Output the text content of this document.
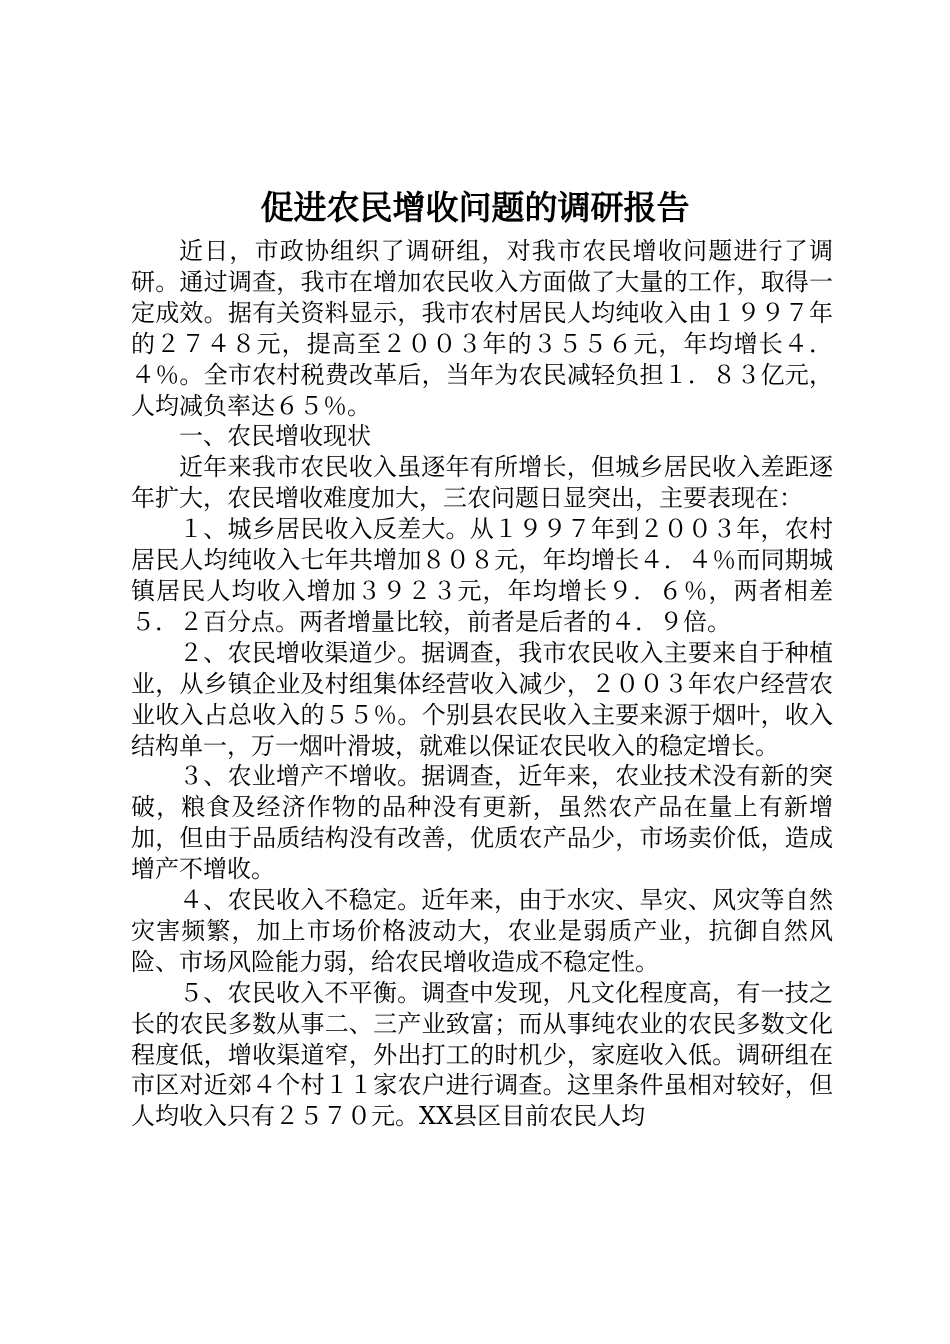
促进农民增收问题的调研报告

近日，市政协组织了调研组，对我市农民增收问题进行了调研。通过调查，我市在增加农民收入方面做了大量的工作，取得一定成效。据有关资料显示，我市农村居民人均纯收入由１９９７年的２７４８元，提高至２００３年的３５５６元，年均增长４．４％。全市农村税费改革后，当年为农民减轻负担１．８３亿元，人均减负率达６５％。

一、农民增收现状

近年来我市农民收入虽逐年有所增长，但城乡居民收入差距逐年扩大，农民增收难度加大，三农问题日显突出，主要表现在：

１、城乡居民收入反差大。从１９９７年到２００３年，农村居民人均纯收入七年共增加８０８元，年均增长４．４％而同期城镇居民人均收入增加３９２３元，年均增长９．６％，两者相差５．２百分点。两者增量比较，前者是后者的４．９倍。

２、农民增收渠道少。据调查，我市农民收入主要来自于种植业，从乡镇企业及村组集体经营收入减少，２００３年农户经营农业收入占总收入的５５％。个别县农民收入主要来源于烟叶，收入结构单一，万一烟叶滑坡，就难以保证农民收入的稳定增长。

３、农业增产不增收。据调查，近年来，农业技术没有新的突破，粮食及经济作物的品种没有更新，虽然农产品在量上有新增加，但由于品质结构没有改善，优质农产品少，市场卖价低，造成增产不增收。

４、农民收入不稳定。近年来，由于水灾、旱灾、风灾等自然灾害频繁，加上市场价格波动大，农业是弱质产业，抗御自然风险、市场风险能力弱，给农民增收造成不稳定性。

５、农民收入不平衡。调查中发现，凡文化程度高，有一技之长的农民多数从事二、三产业致富；而从事纯农业的农民多数文化程度低，增收渠道窄，外出打工的时机少，家庭收入低。调研组在市区对近郊４个村１１家农户进行调查。这里条件虽相对较好，但人均收入只有２５７０元。XX县区目前农民人均
